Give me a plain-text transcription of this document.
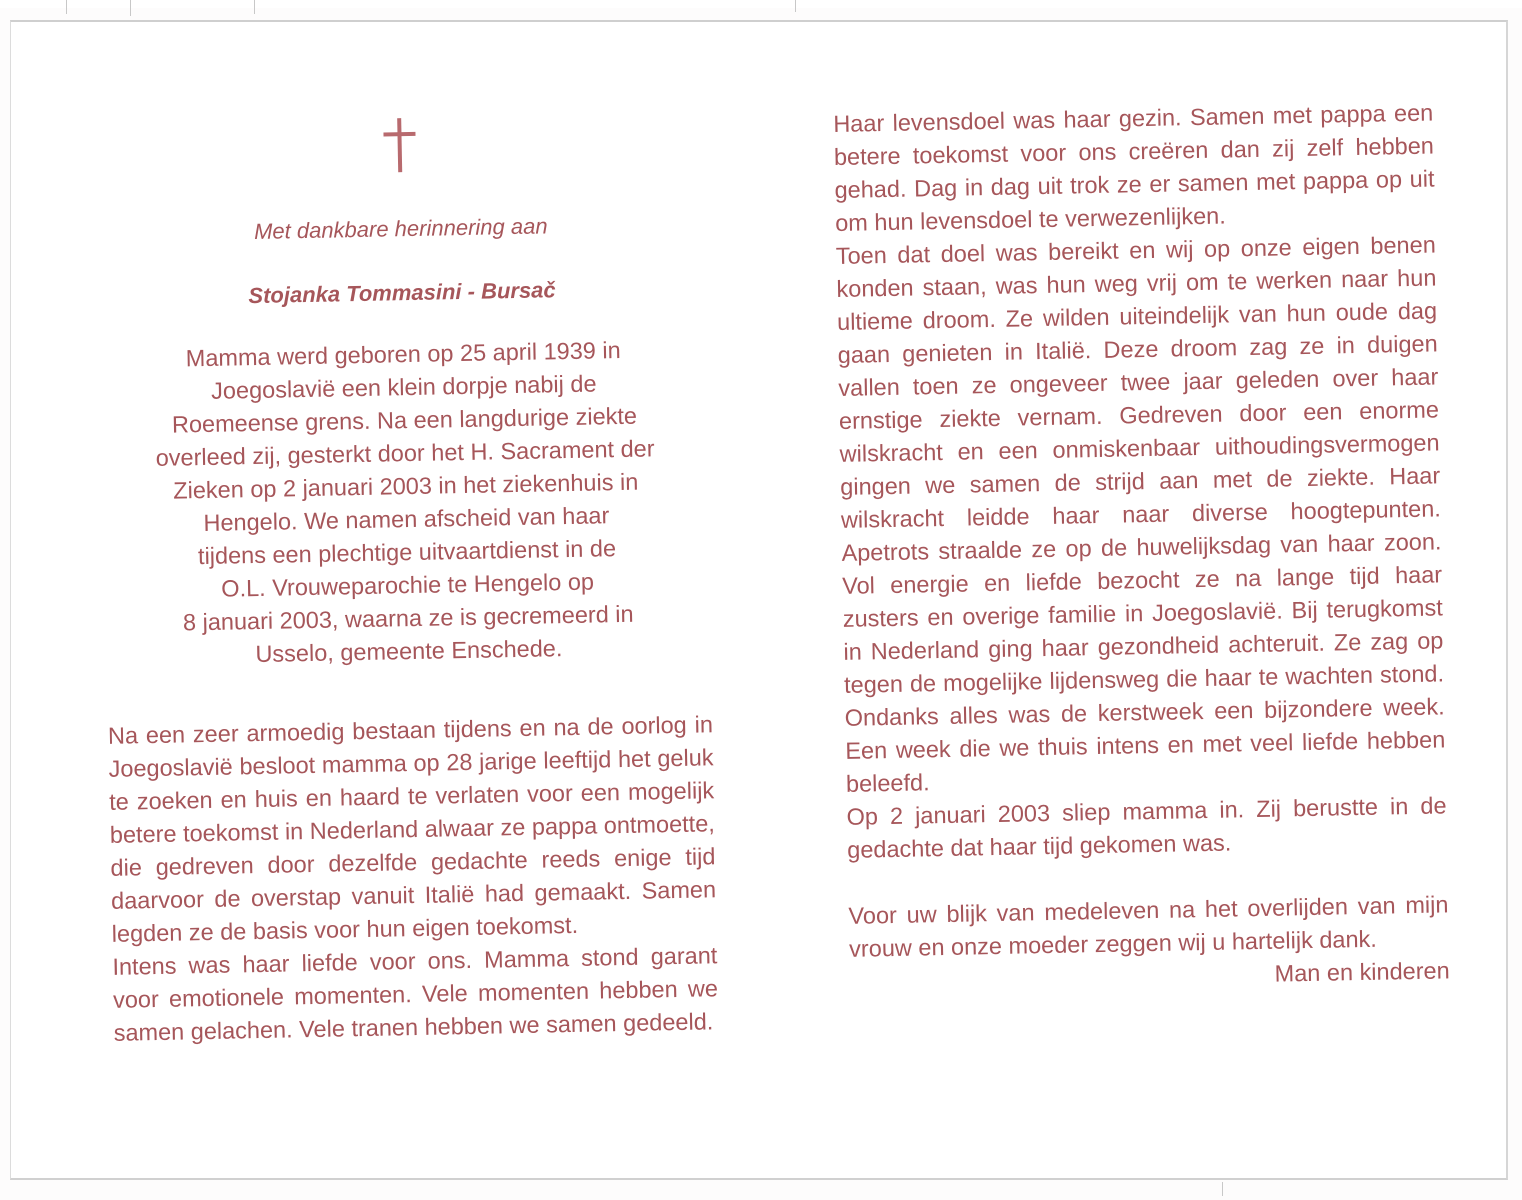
Met dankbare herinnering aan

Stojanka Tommasini - Bursač

Mamma werd geboren op 25 april 1939 in
Joegoslavië een klein dorpje nabij de
Roemeense grens. Na een langdurige ziekte
overleed zij, gesterkt door het H. Sacrament der
Zieken op 2 januari 2003 in het ziekenhuis in
Hengelo. We namen afscheid van haar
tijdens een plechtige uitvaartdienst in de
O.L. Vrouweparochie te Hengelo op
8 januari 2003, waarna ze is gecremeerd in
Usselo, gemeente Enschede.

Na een zeer armoedig bestaan tijdens en na de oorlog in Joegoslavië besloot mamma op 28 jarige leeftijd het geluk te zoeken en huis en haard te verlaten voor een mogelijk betere toekomst in Nederland alwaar ze pappa ontmoette, die gedreven door dezelfde gedachte reeds enige tijd daarvoor de overstap vanuit Italië had gemaakt. Samen legden ze de basis voor hun eigen toekomst.

Intens was haar liefde voor ons. Mamma stond garant voor emotionele momenten. Vele momenten hebben we samen gelachen. Vele tranen hebben we samen gedeeld.

Haar levensdoel was haar gezin. Samen met pappa een betere toekomst voor ons creëren dan zij zelf hebben gehad. Dag in dag uit trok ze er samen met pappa op uit om hun levensdoel te verwezenlijken.

Toen dat doel was bereikt en wij op onze eigen benen konden staan, was hun weg vrij om te werken naar hun ultieme droom. Ze wilden uiteindelijk van hun oude dag gaan genieten in Italië. Deze droom zag ze in duigen vallen toen ze ongeveer twee jaar geleden over haar ernstige ziekte vernam. Gedreven door een enorme wilskracht en een onmiskenbaar uithoudingsvermogen gingen we samen de strijd aan met de ziekte. Haar wilskracht leidde haar naar diverse hoogtepunten. Apetrots straalde ze op de huwelijksdag van haar zoon. Vol energie en liefde bezocht ze na lange tijd haar zusters en overige familie in Joegoslavië. Bij terugkomst in Nederland ging haar gezondheid achteruit. Ze zag op tegen de mogelijke lijdensweg die haar te wachten stond. Ondanks alles was de kerstweek een bijzondere week. Een week die we thuis intens en met veel liefde hebben beleefd.

Op 2 januari 2003 sliep mamma in. Zij berustte in de gedachte dat haar tijd gekomen was.

Voor uw blijk van medeleven na het overlijden van mijn vrouw en onze moeder zeggen wij u hartelijk dank.

Man en kinderen
